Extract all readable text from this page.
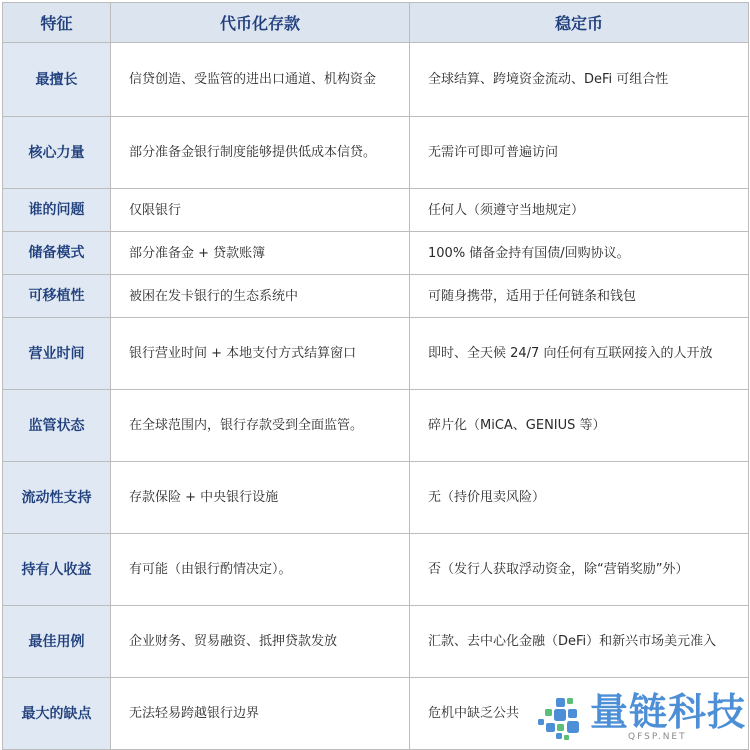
特征	代币化存款	稳定币
最擅长	信贷创造、受监管的进出口通道、机构资金	全球结算、跨境资金流动、DeFi 可组合性
核心力量	部分准备金银行制度能够提供低成本信贷。	无需许可即可普遍访问
谁的问题	仅限银行	任何人（须遵守当地规定）
储备模式	部分准备金 + 贷款账簿	100% 储备金持有国债/回购协议。
可移植性	被困在发卡银行的生态系统中	可随身携带，适用于任何链条和钱包
营业时间	银行营业时间 + 本地支付方式结算窗口	即时、全天候 24/7 向任何有互联网接入的人开放
监管状态	在全球范围内，银行存款受到全面监管。	碎片化（MiCA、GENIUS 等）
流动性支持	存款保险 + 中央银行设施	无（持价甩卖风险）
持有人收益	有可能（由银行酌情决定）。	否（发行人获取浮动资金，除“营销奖励”外）
最佳用例	企业财务、贸易融资、抵押贷款发放	汇款、去中心化金融（DeFi）和新兴市场美元准入
最大的缺点	无法轻易跨越银行边界	危机中缺乏公共 量链科技
QFSP.NET
